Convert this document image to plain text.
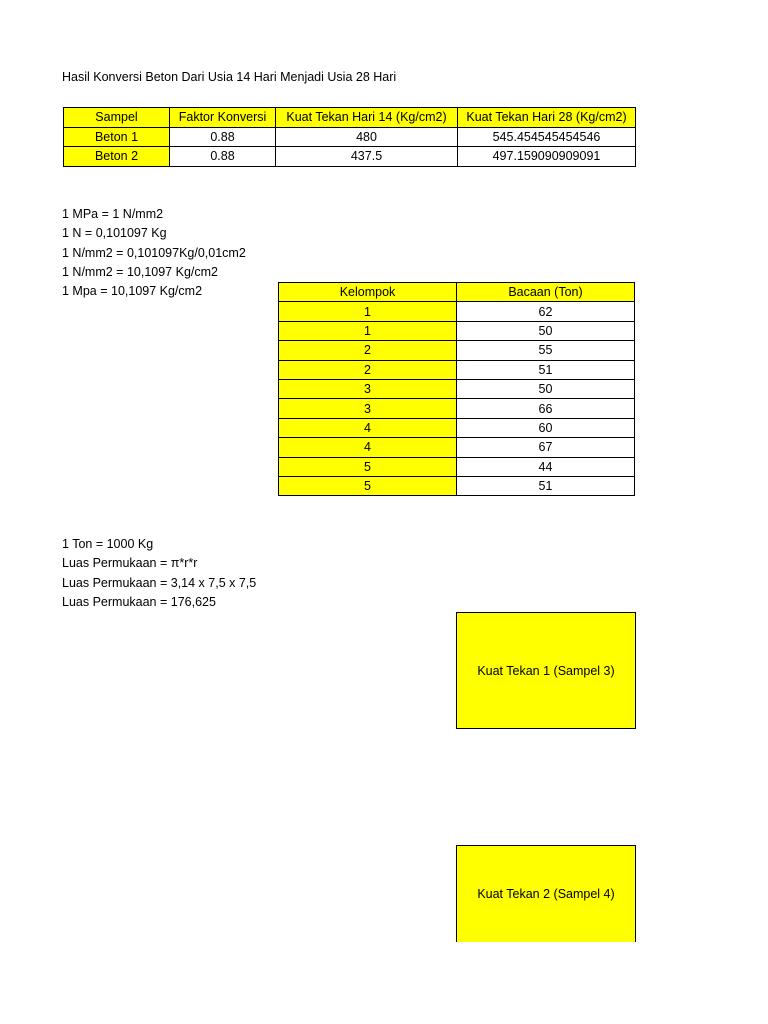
Hasil Konversi Beton Dari Usia 14 Hari Menjadi Usia 28 Hari
Sampel	Faktor Konversi	Kuat Tekan Hari 14 (Kg/cm2)	Kuat Tekan Hari 28 (Kg/cm2)
Beton 1	0.88	480	545.454545454546
Beton 2	0.88	437.5	497.159090909091
1 MPa = 1 N/mm2
1 N = 0,101097 Kg
1 N/mm2 = 0,101097Kg/0,01cm2
1 N/mm2 = 10,1097 Kg/cm2
1 Mpa = 10,1097 Kg/cm2	Kelompok	Bacaan (Ton)
1	62
1	50
2	55
2	51
3	50
3	66
4	60
4	67
5	44
5	51
1 Ton = 1000 Kg
Luas Permukaan = π*r*r
Luas Permukaan = 3,14 x 7,5 x 7,5
Luas Permukaan = 176,625
Kuat Tekan 1 (Sampel 3)
Kuat Tekan 2 (Sampel 4)
